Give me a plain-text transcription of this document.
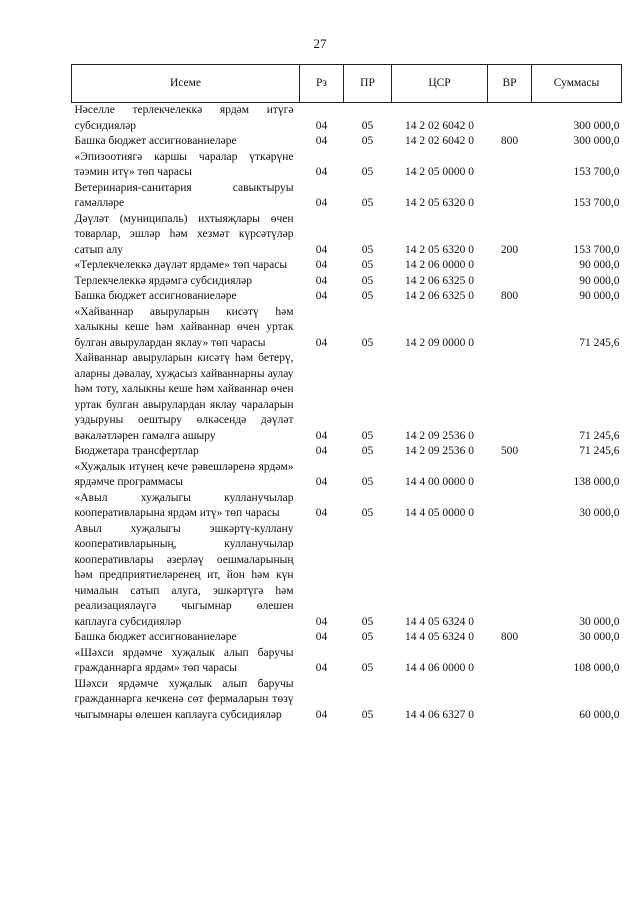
27
Исеме	Рз	ПР	ЦСР	ВР	Суммасы
Нәселле терлекчелеккә ярдәм итүгә субсидияләр	04	05	14 2 02 6042 0		300 000,0
Башка бюджет ассигнованиеләре	04	05	14 2 02 6042 0	800	300 000,0
«Эпизоотиягә каршы чаралар үткәрүне тәэмин итү» төп чарасы	04	05	14 2 05 0000 0		153 700,0
Ветеринария-санитария савыктыруы гамәлләре	04	05	14 2 05 6320 0		153 700,0
Дәүләт (муниципаль) ихтыяҗлары өчен товарлар, эшләр һәм хезмәт күрсәтүләр сатып алу	04	05	14 2 05 6320 0	200	153 700,0
«Терлекчелеккә дәүләт ярдәме» төп чарасы	04	05	14 2 06 0000 0		90 000,0
Терлекчелеккә ярдәмгә субсидияләр	04	05	14 2 06 6325 0		90 000,0
Башка бюджет ассигнованиеләре	04	05	14 2 06 6325 0	800	90 000,0
«Хайваннар авыруларын кисәтү һәм халыкны кеше һәм хайваннар өчен уртак булган авырулардан яклау» төп чарасы	04	05	14 2 09 0000 0		71 245,6
Хайваннар авыруларын кисәтү һәм бетерү, аларны дәвалау, хуҗасыз хайваннарны аулау һәм тоту, халыкны кеше һәм хайваннар өчен уртак булган авырулардан яклау чараларын уздыруны оештыру өлкәсендә дәүләт вәкаләтләрен гамәлгә ашыру	04	05	14 2 09 2536 0		71 245,6
Бюджетара трансфертлар	04	05	14 2 09 2536 0	500	71 245,6
«Хуҗалык итүнең кече рәвешләренә ярдәм» ярдәмче программасы	04	05	14 4 00 0000 0		138 000,0
«Авыл хуҗалыгы кулланучылар кооперативларына ярдәм итү» төп чарасы	04	05	14 4 05 0000 0		30 000,0
Авыл хуҗалыгы эшкәртү-куллану кооперативларының, кулланучылар кооперативлары әзерләү оешмаларының һәм предприятиеләренең ит, йон һәм күн чималын сатып алуга, эшкәртүгә һәм реализацияләүгә чыгымнар өлешен каплауга субсидияләр	04	05	14 4 05 6324 0		30 000,0
Башка бюджет ассигнованиеләре	04	05	14 4 05 6324 0	800	30 000,0
«Шәхси ярдәмче хуҗалык алып баручы гражданнарга ярдәм» төп чарасы	04	05	14 4 06 0000 0		108 000,0
Шәхси ярдәмче хуҗалык алып баручы гражданнарга кечкенә сөт фермаларын төзү чыгымнары өлешен каплауга субсидияләр	04	05	14 4 06 6327 0		60 000,0
